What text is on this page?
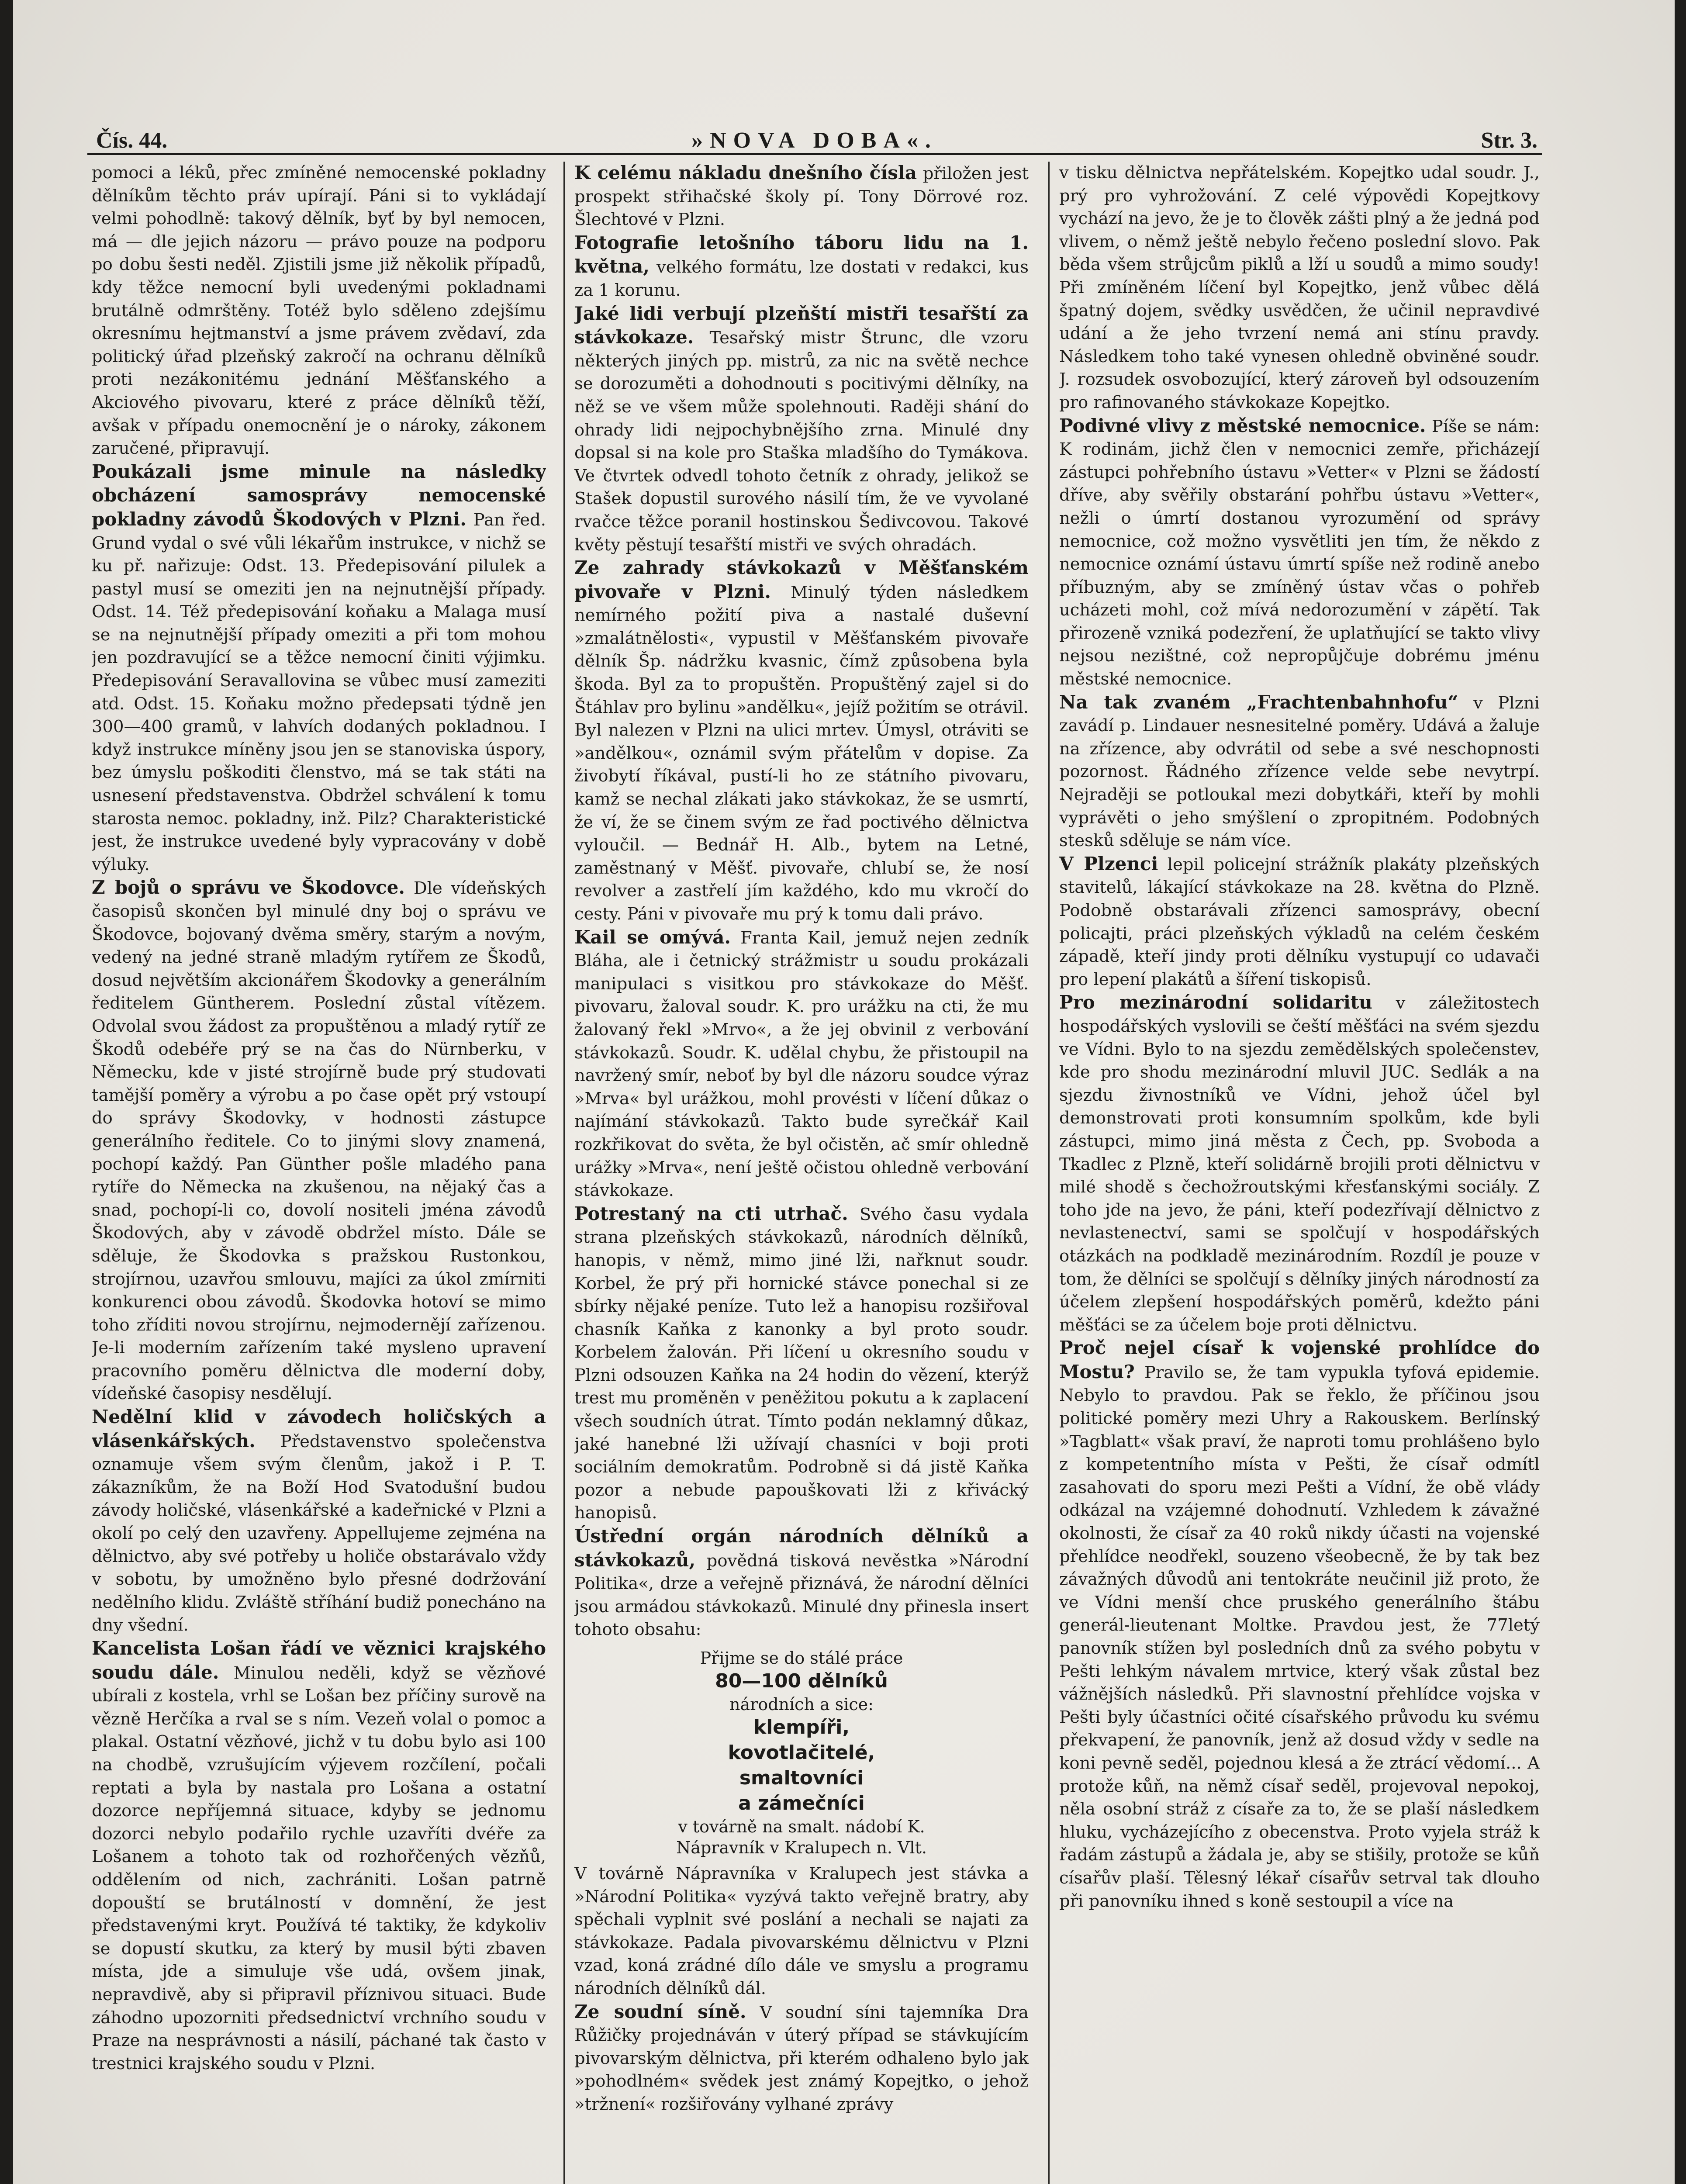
Čís. 44.	»NOVA DOBA«.	Str. 3.

pomoci a léků, přec zmíněné nemocenské pokladny dělníkům těchto práv upírají. Páni si to vykládají velmi pohodlně: takový dělník, byť by byl nemocen, má — dle jejich názoru — právo pouze na podporu po dobu šesti neděl. Zjistili jsme již několik případů, kdy těžce nemocní byli uvedenými pokladnami brutálně odmrštěny. Totéž bylo sděleno zdejšímu okresnímu hejtmanství a jsme právem zvědaví, zda politický úřad plzeňský zakročí na ochranu dělníků proti nezákonitému jednání Měšťanského a Akciového pivovaru, které z práce dělníků těží, avšak v případu onemocnění je o nároky, zákonem zaručené, připravují.

Poukázali jsme minule na následky obcházení samosprávy nemocenské pokladny závodů Škodových v Plzni. Pan řed. Grund vydal o své vůli lékařům instrukce, v nichž se ku př. nařizuje: Odst. 13. Předepisování pilulek a pastyl musí se omeziti jen na nejnutnější případy. Odst. 14. Též předepisování koňaku a Malaga musí se na nejnutnější případy omeziti a při tom mohou jen pozdravující se a těžce nemocní činiti výjimku. Předepisování Seravallovina se vůbec musí zameziti atd. Odst. 15. Koňaku možno předepsati týdně jen 300—400 gramů, v lahvích dodaných pokladnou. I když instrukce míněny jsou jen se stanoviska úspory, bez úmyslu poškoditi členstvo, má se tak státi na usnesení představenstva. Obdržel schválení k tomu starosta nemoc. pokladny, inž. Pilz? Charakteristické jest, že instrukce uvedené byly vypracovány v době výluky.

Z bojů o správu ve Škodovce. Dle vídeňských časopisů skončen byl minulé dny boj o správu ve Škodovce, bojovaný dvěma směry, starým a novým, vedený na jedné straně mladým rytířem ze Škodů, dosud největším akcionářem Škodovky a generálním ředitelem Güntherem. Poslední zůstal vítězem. Odvolal svou žádost za propuštěnou a mladý rytíř ze Škodů odebéře prý se na čas do Nürnberku, v Německu, kde v jisté strojírně bude prý studovati tamější poměry a výrobu a po čase opět prý vstoupí do správy Škodovky, v hodnosti zástupce generálního ředitele. Co to jinými slovy znamená, pochopí každý. Pan Günther pošle mladého pana rytíře do Německa na zkušenou, na nějaký čas a snad, pochopí-li co, dovolí nositeli jména závodů Škodových, aby v závodě obdržel místo. Dále se sděluje, že Škodovka s pražskou Rustonkou, strojírnou, uzavřou smlouvu, majíci za úkol zmírniti konkurenci obou závodů. Škodovka hotoví se mimo toho zříditi novou strojírnu, nejmodernějí zařízenou. Je-li moderním zařízením také mysleno upravení pracovního poměru dělnictva dle moderní doby, vídeňské časopisy nesdělují.

Nedělní klid v závodech holičských a vlásenkářských. Představenstvo společenstva oznamuje všem svým členům, jakož i P. T. zákazníkům, že na Boží Hod Svatodušní budou závody holičské, vlásenkářské a kadeřnické v Plzni a okolí po celý den uzavřeny. Appellujeme zejména na dělnictvo, aby své potřeby u holiče obstarávalo vždy v sobotu, by umožněno bylo přesné dodržování nedělního klidu. Zvláště stříhání budiž ponecháno na dny všední.

Kancelista Lošan řádí ve věznici krajského soudu dále. Minulou neděli, když se vězňové ubírali z kostela, vrhl se Lošan bez příčiny surově na vězně Herčíka a rval se s ním. Vezeň volal o pomoc a plakal. Ostatní vězňové, jichž v tu dobu bylo asi 100 na chodbě, vzrušujícím výjevem rozčílení, počali reptati a byla by nastala pro Lošana a ostatní dozorce nepříjemná situace, kdyby se jednomu dozorci nebylo podařilo rychle uzavříti dvéře za Lošanem a tohoto tak od rozhořčených vězňů, oddělením od nich, zachrániti. Lošan patrně dopouští se brutálností v domnění, že jest představenými kryt. Používá té taktiky, že kdykoliv se dopustí skutku, za který by musil býti zbaven místa, jde a simuluje vše udá, ovšem jinak, nepravdivě, aby si připravil příznivou situaci. Bude záhodno upozorniti předsednictví vrchního soudu v Praze na nesprávnosti a násilí, páchané tak často v trestnici krajského soudu v Plzni.

K celému nákladu dnešního čísla přiložen jest prospekt střihačské školy pí. Tony Dörrové roz. Šlechtové v Plzni.

Fotografie letošního táboru lidu na 1. května, velkého formátu, lze dostati v redakci, kus za 1 korunu.

Jaké lidi verbují plzeňští mistři tesařští za stávkokaze. Tesařský mistr Štrunc, dle vzoru některých jiných pp. mistrů, za nic na světě nechce se dorozuměti a dohodnouti s pocitivými dělníky, na něž se ve všem může spolehnouti. Raději shání do ohrady lidi nejpochybnějšího zrna. Minulé dny dopsal si na kole pro Staška mladšího do Tymákova. Ve čtvrtek odvedl tohoto četník z ohrady, jelikož se Stašek dopustil surového násilí tím, že ve vyvolané rvačce těžce poranil hostinskou Šedivcovou. Takové květy pěstují tesařští mistři ve svých ohradách.

Ze zahrady stávkokazů v Měšťanském pivovaře v Plzni. Minulý týden následkem nemírného požití piva a nastalé duševní »zmalátnělosti«, vypustil v Měšťanském pivovaře dělník Šp. nádržku kvasnic, čímž způsobena byla škoda. Byl za to propuštěn. Propuštěný zajel si do Štáhlav pro bylinu »andělku«, jejíž požitím se otrávil. Byl nalezen v Plzni na ulici mrtev. Úmysl, otráviti se »andělkou«, oznámil svým přátelům v dopise. Za živobytí říkával, pustí-li ho ze státního pivovaru, kamž se nechal zlákati jako stávkokaz, že se usmrtí, že ví, že se činem svým ze řad poctivého dělnictva vyloučil. — Bednář H. Alb., bytem na Letné, zaměstnaný v Měšť. pivovaře, chlubí se, že nosí revolver a zastřelí jím každého, kdo mu vkročí do cesty. Páni v pivovaře mu prý k tomu dali právo.

Kail se omývá. Franta Kail, jemuž nejen zedník Bláha, ale i četnický strážmistr u soudu prokázali manipulaci s visitkou pro stávkokaze do Měšť. pivovaru, žaloval soudr. K. pro urážku na cti, že mu žalovaný řekl »Mrvo«, a že jej obvinil z verbování stávkokazů. Soudr. K. udělal chybu, že přistoupil na navržený smír, neboť by byl dle názoru soudce výraz »Mrva« byl urážkou, mohl provésti v líčení důkaz o najímání stávkokazů. Takto bude syrečkář Kail rozkřikovat do světa, že byl očistěn, ač smír ohledně urážky »Mrva«, není ještě očistou ohledně verbování stávkokaze.

Potrestaný na cti utrhač. Svého času vydala strana plzeňských stávkokazů, národních dělníků, hanopis, v němž, mimo jiné lži, nařknut soudr. Korbel, že prý při hornické stávce ponechal si ze sbírky nějaké peníze. Tuto lež a hanopisu rozšiřoval chasník Kaňka z kanonky a byl proto soudr. Korbelem žalován. Při líčení u okresního soudu v Plzni odsouzen Kaňka na 24 hodin do vězení, kterýž trest mu proměněn v peněžitou pokutu a k zaplacení všech soudních útrat. Tímto podán neklamný důkaz, jaké hanebné lži užívají chasníci v boji proti sociálním demokratům. Podrobně si dá jistě Kaňka pozor a nebude papouškovati lži z křivácký hanopisů.

Ústřední orgán národních dělníků a stávkokazů, povědná tisková nevěstka »Národní Politika«, drze a veřejně přiznává, že národní dělníci jsou armádou stávkokazů. Minulé dny přinesla insert tohoto obsahu:

Přijme se do stálé práce
80—100 dělníků
národních a sice:
klempíři,
kovotlačitelé,
smaltovníci
a zámečníci
v továrně na smalt. nádobí K.
Nápravník v Kralupech n. Vlt.

V továrně Nápravníka v Kralupech jest stávka a »Národní Politika« vyzývá takto veřejně bratry, aby spěchali vyplnit své poslání a nechali se najati za stávkokaze. Padala pivovarskému dělnictvu v Plzni vzad, koná zrádné dílo dále ve smyslu a programu národních dělníků dál.

Ze soudní síně. V soudní síni tajemníka Dra Růžičky projednáván v úterý případ se stávkujícím pivovarským dělnictva, při kterém odhaleno bylo jak »pohodlném« svědek jest známý Kopejtko, o jehož »tržnení« rozšiřovány vylhané zprávy

v tisku dělnictva nepřátelském. Kopejtko udal soudr. J., prý pro vyhrožování. Z celé výpovědi Kopejtkovy vychází na jevo, že je to člověk zášti plný a že jedná pod vlivem, o němž ještě nebylo řečeno poslední slovo. Pak běda všem strůjcům piklů a lží u soudů a mimo soudy! Při zmíněném líčení byl Kopejtko, jenž vůbec dělá špatný dojem, svědky usvědčen, že učinil nepravdivé udání a že jeho tvrzení nemá ani stínu pravdy. Následkem toho také vynesen ohledně obviněné soudr. J. rozsudek osvobozující, který zároveň byl odsouzením pro rafinovaného stávkokaze Kopejtko.

Podivné vlivy z městské nemocnice. Píše se nám: K rodinám, jichž člen v nemocnici zemře, přicházejí zástupci pohřebního ústavu »Vetter« v Plzni se žádostí dříve, aby svěřily obstarání pohřbu ústavu »Vetter«, nežli o úmrtí dostanou vyrozumění od správy nemocnice, což možno vysvětliti jen tím, že někdo z nemocnice oznámí ústavu úmrtí spíše než rodině anebo příbuzným, aby se zmíněný ústav včas o pohřeb ucházeti mohl, což mívá nedorozumění v zápětí. Tak přirozeně vzniká podezření, že uplatňující se takto vlivy nejsou nezištné, což nepropůjčuje dobrému jménu městské nemocnice.

Na tak zvaném „Frachtenbahnhofu“ v Plzni zavádí p. Lindauer nesnesitelné poměry. Udává a žaluje na zřízence, aby odvrátil od sebe a své neschopnosti pozornost. Řádného zřízence velde sebe nevytrpí. Nejraději se potloukal mezi dobytkáři, kteří by mohli vyprávěti o jeho smýšlení o zpropitném. Podobných stesků sděluje se nám více.

V Plzenci lepil policejní strážník plakáty plzeňských stavitelů, lákající stávkokaze na 28. května do Plzně. Podobně obstarávali zřízenci samosprávy, obecní policajti, práci plzeňských výkladů na celém českém západě, kteří jindy proti dělníku vystupují co udavači pro lepení plakátů a šíření tiskopisů.

Pro mezinárodní solidaritu v záležitostech hospodářských vyslovili se čeští měšťáci na svém sjezdu ve Vídni. Bylo to na sjezdu zemědělských společenstev, kde pro shodu mezinárodní mluvil JUC. Sedlák a na sjezdu živnostníků ve Vídni, jehož účel byl demonstrovati proti konsumním spolkům, kde byli zástupci, mimo jiná města z Čech, pp. Svoboda a Tkadlec z Plzně, kteří solidárně brojili proti dělnictvu v milé shodě s čechožroutskými křesťanskými sociály. Z toho jde na jevo, že páni, kteří podezřívají dělnictvo z nevlastenectví, sami se spolčují v hospodářských otázkách na podkladě mezinárodním. Rozdíl je pouze v tom, že dělníci se spolčují s dělníky jiných národností za účelem zlepšení hospodářských poměrů, kdežto páni měšťáci se za účelem boje proti dělnictvu.

Proč nejel císař k vojenské prohlídce do Mostu? Pravilo se, že tam vypukla tyfová epidemie. Nebylo to pravdou. Pak se řeklo, že příčinou jsou politické poměry mezi Uhry a Rakouskem. Berlínský »Tagblatt« však praví, že naproti tomu prohlášeno bylo z kompetentního místa v Pešti, že císař odmítl zasahovati do sporu mezi Pešti a Vídní, že obě vlády odkázal na vzájemné dohodnutí. Vzhledem k závažné okolnosti, že císař za 40 roků nikdy účasti na vojenské přehlídce neodřekl, souzeno všeobecně, že by tak bez závažných důvodů ani tentokráte neučinil již proto, že ve Vídni menší chce pruského generálního štábu generál-lieutenant Moltke. Pravdou jest, že 77letý panovník stížen byl posledních dnů za svého pobytu v Pešti lehkým návalem mrtvice, který však zůstal bez vážnějších následků. Při slavnostní přehlídce vojska v Pešti byly účastníci očité císařského průvodu ku svému překvapení, že panovník, jenž až dosud vždy v sedle na koni pevně seděl, pojednou klesá a že ztrácí vědomí... A protože kůň, na němž císař seděl, projevoval nepokoj, něla osobní stráž z císaře za to, že se plaší následkem hluku, vycházejícího z obecenstva. Proto vyjela stráž k řadám zástupů a žádala je, aby se stišily, protože se kůň císařův plaší. Tělesný lékař císařův setrval tak dlouho při panovníku ihned s koně sestoupil a více na
